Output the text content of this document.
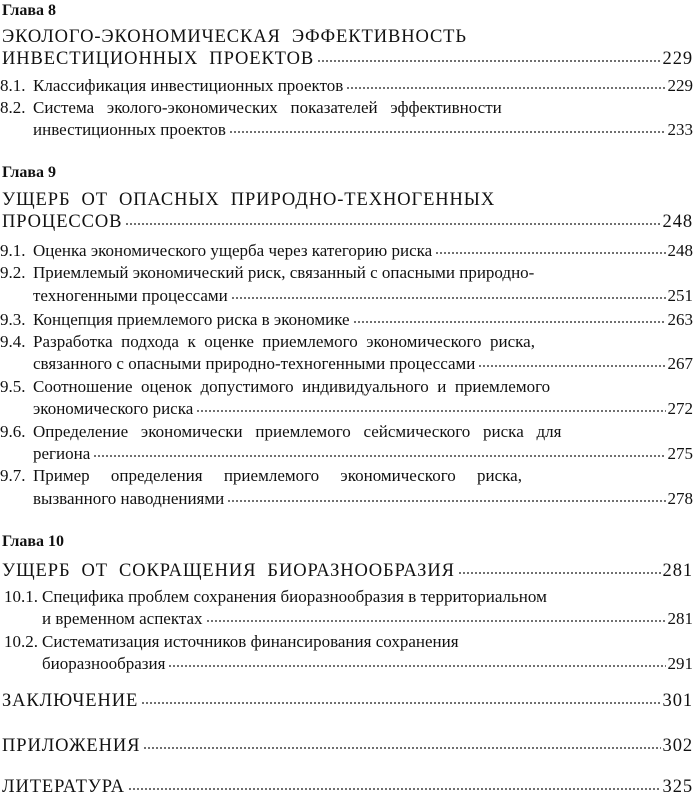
Глава 8
ЭКОЛОГО-ЭКОНОМИЧЕСКАЯ  ЭФФЕКТИВНОСТЬ
ИНВЕСТИЦИОННЫХ  ПРОЕКТОВ	229
8.1. Классификация инвестиционных проектов	229
8.2. Система   эколого-экономических   показателей   эффективности
инвестиционных проектов	233
Глава 9
УЩЕРБ  ОТ  ОПАСНЫХ  ПРИРОДНО-ТЕХНОГЕННЫХ
ПРОЦЕССОВ	248
9.1. Оценка экономического ущерба через категорию риска	248
9.2. Приемлемый экономический риск, связанный с опасными природно-
техногенными процессами	251
9.3. Концепция приемлемого риска в экономике	263
9.4. Разработка  подхода  к  оценке  приемлемого  экономического  риска,
связанного с опасными природно-техногенными процессами	267
9.5. Соотношение  оценок  допустимого  индивидуального  и  приемлемого
экономического риска	272
9.6. Определение   экономически   приемлемого   сейсмического   риска   для
региона	275
9.7. Пример     определения     приемлемого     экономического     риска,
вызванного наводнениями	278
Глава 10
УЩЕРБ  ОТ  СОКРАЩЕНИЯ  БИОРАЗНООБРАЗИЯ	281
10.1. Специфика проблем сохранения биоразнообразия в территориальном
и временном аспектах	281
10.2. Систематизация источников финансирования сохранения
биоразнообразия	291
ЗАКЛЮЧЕНИЕ	301
ПРИЛОЖЕНИЯ	302
ЛИТЕРАТУРА	325
